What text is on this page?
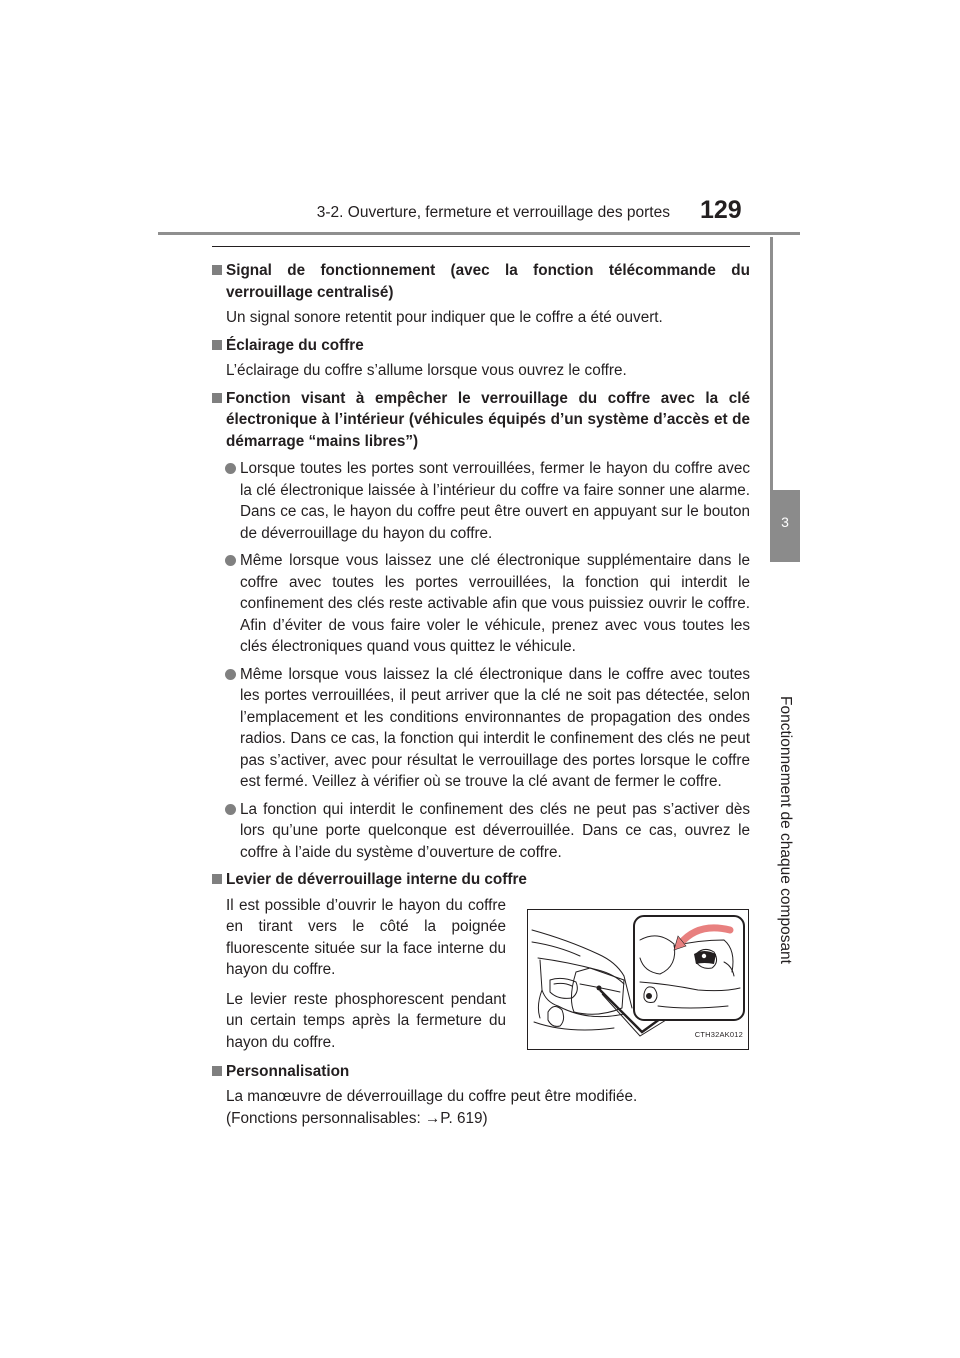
3-2. Ouverture, fermeture et verrouillage des portes 129
3
Fonctionnement de chaque composant
Signal de fonctionnement (avec la fonction télécommande du verrouillage centralisé)
Un signal sonore retentit pour indiquer que le coffre a été ouvert.
Éclairage du coffre
L’éclairage du coffre s’allume lorsque vous ouvrez le coffre.
Fonction visant à empêcher le verrouillage du coffre avec la clé électronique à l’intérieur (véhicules équipés d’un système d’accès et de démarrage “mains libres”)
Lorsque toutes les portes sont verrouillées, fermer le hayon du coffre avec la clé électronique laissée à l’intérieur du coffre va faire sonner une alarme. Dans ce cas, le hayon du coffre peut être ouvert en appuyant sur le bouton de déverrouillage du hayon du coffre.
Même lorsque vous laissez une clé électronique supplémentaire dans le coffre avec toutes les portes verrouillées, la fonction qui interdit le confinement des clés reste activable afin que vous puissiez ouvrir le coffre. Afin d’éviter de vous faire voler le véhicule, prenez avec vous toutes les clés électroniques quand vous quittez le véhicule.
Même lorsque vous laissez la clé électronique dans le coffre avec toutes les portes verrouillées, il peut arriver que la clé ne soit pas détectée, selon l’emplacement et les conditions environnantes de propagation des ondes radios. Dans ce cas, la fonction qui interdit le confinement des clés ne peut pas s’activer, avec pour résultat le verrouillage des portes lorsque le coffre est fermé. Veillez à vérifier où se trouve la clé avant de fermer le coffre.
La fonction qui interdit le confinement des clés ne peut pas s’activer dès lors qu’une porte quelconque est déverrouillée. Dans ce cas, ouvrez le coffre à l’aide du système d’ouverture de coffre.
Levier de déverrouillage interne du coffre

Il est possible d’ouvrir le hayon du coffre en tirant vers le côté la poignée fluorescente située sur la face interne du hayon du coffre.

Le levier reste phosphorescent pendant un certain temps après la fermeture du hayon du coffre.	CTH32AK012
Personnalisation
La manœuvre de déverrouillage du coffre peut être modifiée.
(Fonctions personnalisables: →P. 619)
